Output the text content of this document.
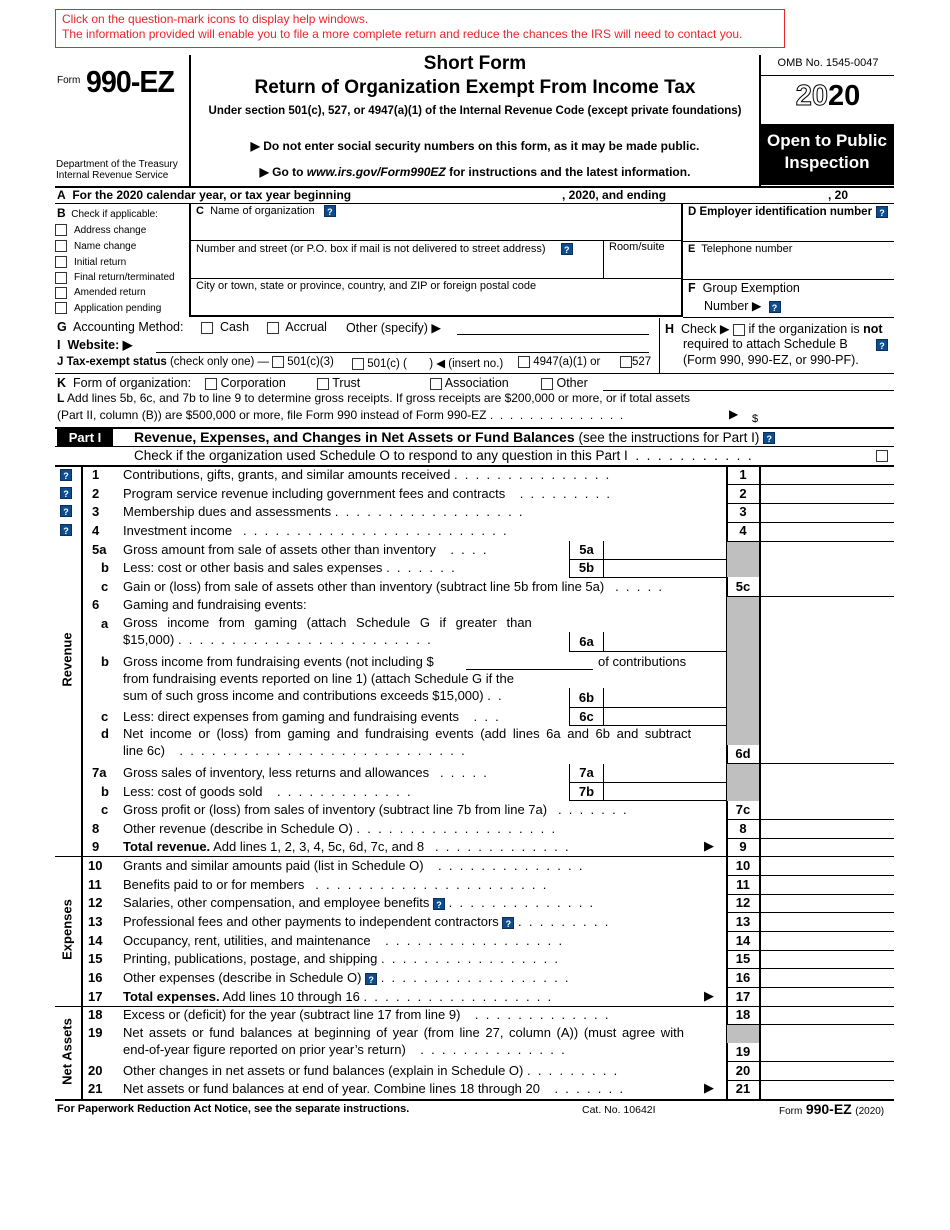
Click on the question-mark icons to display help windows.
The information provided will enable you to file a more complete return and reduce the chances the IRS will need to contact you.
Form 990-EZ
Department of the Treasury
Internal Revenue Service
Short Form
Return of Organization Exempt From Income Tax
Under section 501(c), 527, or 4947(a)(1) of the Internal Revenue Code (except private foundations)
▶ Do not enter social security numbers on this form, as it may be made public.
▶ Go to www.irs.gov/Form990EZ for instructions and the latest information.
OMB No. 1545-0047
2020
Open to Public
Inspection
A For the 2020 calendar year, or tax year beginning	, 2020, and ending	, 20
B Check if applicable:
Address change
Name change
Initial return
Final return/terminated
Amended return
Application pending
C Name of organization ?
Number and street (or P.O. box if mail is not delivered to street address) ?	Room/suite
City or town, state or province, country, and ZIP or foreign postal code
D Employer identification number ?
E Telephone number
F Group Exemption
Number ▶ ?
G Accounting Method:	Cash	Accrual Other (specify) ▶	H Check ▶ if the organization is not
required to attach Schedule B	?
(Form 990, 990-EZ, or 990-PF).
I Website: ▶
J Tax-exempt status (check only one) —	501(c)(3)	501(c) ( ) ◀ (insert no.)	4947(a)(1) or	527
K Form of organization:	Corporation	Trust	Association	Other
L Add lines 5b, 6c, and 7b to line 9 to determine gross receipts. If gross receipts are $200,000 or more, or if total assets
(Part II, column (B)) are $500,000 or more, file Form 990 instead of Form 990-EZ .  .  .  .  .  .  .  .  .  .  .  .  .  .	▶ $
Part I	Revenue, Expenses, and Changes in Net Assets or Fund Balances (see the instructions for Part I) ?
Check if the organization used Schedule O to respond to any question in this Part I  .  .  .  .  .  .  .  .  .  .  .
Revenue
Expenses
Net Assets
?
?
?
?
1 Contributions, gifts, grants, and similar amounts received .  .  .  .  .  .  .  .  .  .  .  .  .  .  .	1
2 Program service revenue including government fees and contracts .  .  .  .  .  .  .  .  .	2
3 Membership dues and assessments .  .  .  .  .  .  .  .  .  .  .  .  .  .  .  .  .  .	3
4 Investment income .  .  .  .  .  .  .  .  .  .  .  .  .  .  .  .  .  .  .  .  .  .  .  .  .	4
5a Gross amount from sale of assets other than inventory .  .  .  .	5a
b Less: cost or other basis and sales expenses .  .  .  .  .  .  .	5b
c Gain or (loss) from sale of assets other than inventory (subtract line 5b from line 5a) .  .  .  .  .	5c
6 Gaming and fundraising events:
a Gross income from gaming (attach Schedule G if greater than
$15,000) .  .  .  .  .  .  .  .  .  .  .  .  .  .  .  .  .  .  .  .  .  .  .  .	6a
b Gross income from fundraising events (not including $	of contributions
from fundraising events reported on line 1) (attach Schedule G if the
sum of such gross income and contributions exceeds $15,000) .  .	6b
c Less: direct expenses from gaming and fundraising events .  .  .	6c
d Net income or (loss) from gaming and fundraising events (add lines 6a and 6b and subtract
line 6c) .  .  .  .  .  .  .  .  .  .  .  .  .  .  .  .  .  .  .  .  .  .  .  .  .  .  .	6d
7a Gross sales of inventory, less returns and allowances .  .  .  .  .	7a
b Less: cost of goods sold .  .  .  .  .  .  .  .  .  .  .  .  .	7b
c Gross profit or (loss) from sales of inventory (subtract line 7b from line 7a) .  .  .  .  .  .  .	7c
8 Other revenue (describe in Schedule O) .  .  .  .  .  .  .  .  .  .  .  .  .  .  .  .  .  .  .	8
9 Total revenue. Add lines 1, 2, 3, 4, 5c, 6d, 7c, and 8 .  .  .  .  .  .  .  .  .  .  .  .  .	▶	9
10 Grants and similar amounts paid (list in Schedule O) .  .  .  .  .  .  .  .  .  .  .  .  .  .	10
11 Benefits paid to or for members .  .  .  .  .  .  .  .  .  .  .  .  .  .  .  .  .  .  .  .  .  .	11
12 Salaries, other compensation, and employee benefits ? .  .  .  .  .  .  .  .  .  .  .  .  .  .	12
13 Professional fees and other payments to independent contractors ? .  .  .  .  .  .  .  .  .	13
14 Occupancy, rent, utilities, and maintenance .  .  .  .  .  .  .  .  .  .  .  .  .  .  .  .  .	14
15 Printing, publications, postage, and shipping .  .  .  .  .  .  .  .  .  .  .  .  .  .  .  .  .	15
16 Other expenses (describe in Schedule O) ? .  .  .  .  .  .  .  .  .  .  .  .  .  .  .  .  .  .	16
17 Total expenses. Add lines 10 through 16 .  .  .  .  .  .  .  .  .  .  .  .  .  .  .  .  .  .	▶	17
18 Excess or (deficit) for the year (subtract line 17 from line 9) .  .  .  .  .  .  .  .  .  .  .  .  .	18
19 Net assets or fund balances at beginning of year (from line 27, column (A)) (must agree with
end-of-year figure reported on prior year’s return) .  .  .  .  .  .  .  .  .  .  .  .  .  .	19
20 Other changes in net assets or fund balances (explain in Schedule O) .  .  .  .  .  .  .  .  .	20
21 Net assets or fund balances at end of year. Combine lines 18 through 20 .  .  .  .  .  .  .	▶	21
For Paperwork Reduction Act Notice, see the separate instructions.	Cat. No. 10642I	Form 990-EZ (2020)
